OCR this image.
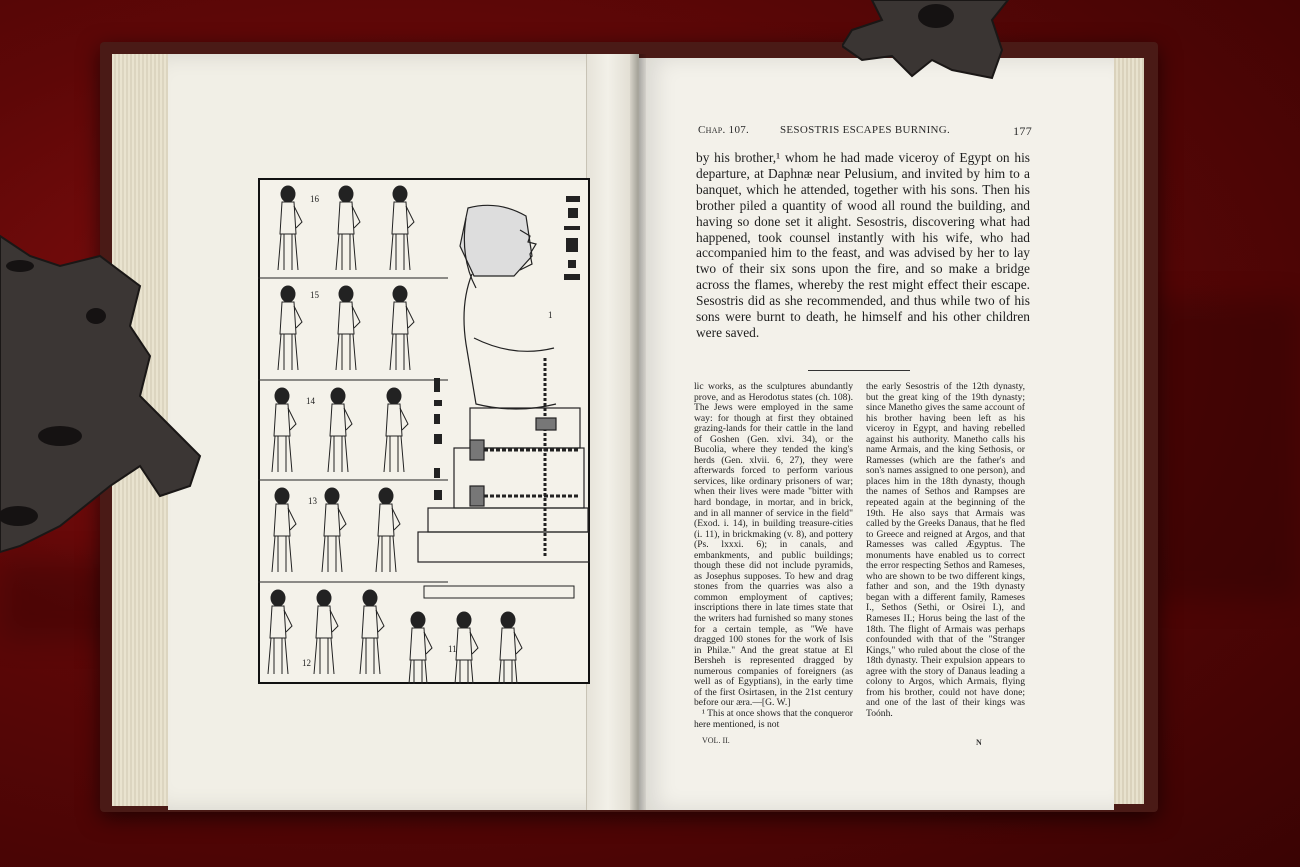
1
16
15
14
13
12
11
Chap. 107.	SESOSTRIS ESCAPES BURNING.	177

by his brother,¹ whom he had made viceroy of Egypt on his departure, at Daphnæ near Pelusium, and invited by him to a banquet, which he attended, together with his sons. Then his brother piled a quantity of wood all round the building, and having so done set it alight. Sesostris, discovering what had happened, took counsel instantly with his wife, who had accompanied him to the feast, and was advised by her to lay two of their six sons upon the fire, and so make a bridge across the flames, whereby the rest might effect their escape. Sesostris did as she recommended, and thus while two of his sons were burnt to death, he himself and his other children were saved.

lic works, as the sculptures abundantly prove, and as Herodotus states (ch. 108). The Jews were employed in the same way: for though at first they obtained grazing-lands for their cattle in the land of Goshen (Gen. xlvi. 34), or the Bucolia, where they tended the king's herds (Gen. xlvii. 6, 27), they were afterwards forced to perform various services, like ordinary prisoners of war; when their lives were made "bitter with hard bondage, in mortar, and in brick, and in all manner of service in the field" (Exod. i. 14), in building treasure-cities (i. 11), in brickmaking (v. 8), and pottery (Ps. lxxxi. 6); in canals, and embankments, and public buildings; though these did not include pyramids, as Josephus supposes. To hew and drag stones from the quarries was also a common employment of captives; inscriptions there in late times state that the writers had furnished so many stones for a certain temple, as "We have dragged 100 stones for the work of Isis in Philæ." And the great statue at El Bersheh is represented dragged by numerous companies of foreigners (as well as of Egyptians), in the early time of the first Osirtasen, in the 21st century before our æra.—[G. W.]

¹ This at once shows that the conqueror here mentioned, is not

the early Sesostris of the 12th dynasty, but the great king of the 19th dynasty; since Manetho gives the same account of his brother having been left as his viceroy in Egypt, and having rebelled against his authority. Manetho calls his name Armais, and the king Sethosis, or Ramesses (which are the father's and son's names assigned to one person), and places him in the 18th dynasty, though the names of Sethos and Rampses are repeated again at the beginning of the 19th. He also says that Armais was called by the Greeks Danaus, that he fled to Greece and reigned at Argos, and that Ramesses was called Ægyptus. The monuments have enabled us to correct the error respecting Sethos and Rameses, who are shown to be two different kings, father and son, and the 19th dynasty began with a different family, Rameses I., Sethos (Sethi, or Osirei I.), and Rameses II.; Horus being the last of the 18th. The flight of Armais was perhaps confounded with that of the "Stranger Kings," who ruled about the close of the 18th dynasty. Their expulsion appears to agree with the story of Danaus leading a colony to Argos, which Armais, flying from his brother, could not have done; and one of the last of their kings was Toónh.

VOL. II.	N
